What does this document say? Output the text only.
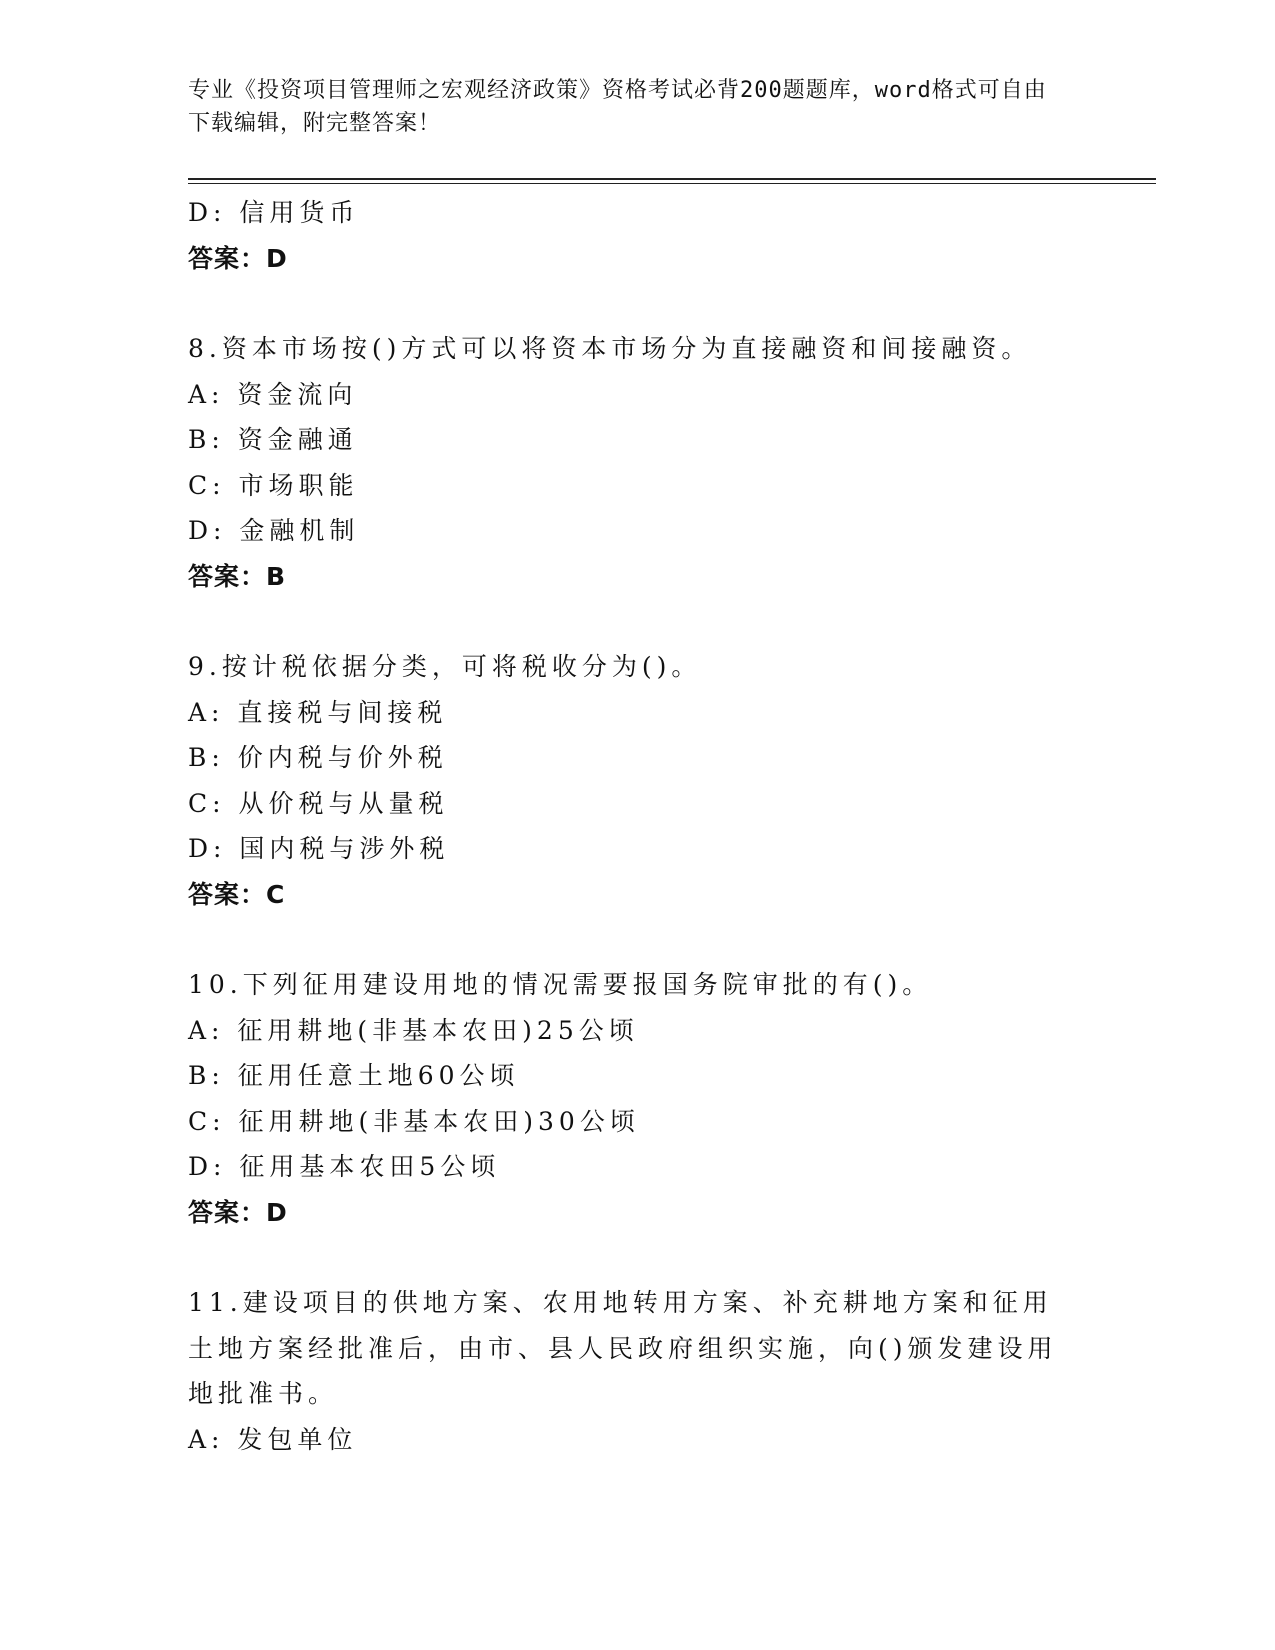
专业《投资项目管理师之宏观经济政策》资格考试必背200题题库，word格式可自由下载编辑，附完整答案！
D: 信用货币
答案：D
8.资本市场按()方式可以将资本市场分为直接融资和间接融资。
A: 资金流向
B: 资金融通
C: 市场职能
D: 金融机制
答案：B
9.按计税依据分类，可将税收分为()。
A: 直接税与间接税
B: 价内税与价外税
C: 从价税与从量税
D: 国内税与涉外税
答案：C
10.下列征用建设用地的情况需要报国务院审批的有()。
A: 征用耕地(非基本农田)25公顷
B: 征用任意土地60公顷
C: 征用耕地(非基本农田)30公顷
D: 征用基本农田5公顷
答案：D
11.建设项目的供地方案、农用地转用方案、补充耕地方案和征用土地方案经批准后，由市、县人民政府组织实施，向()颁发建设用地批准书。
A: 发包单位
